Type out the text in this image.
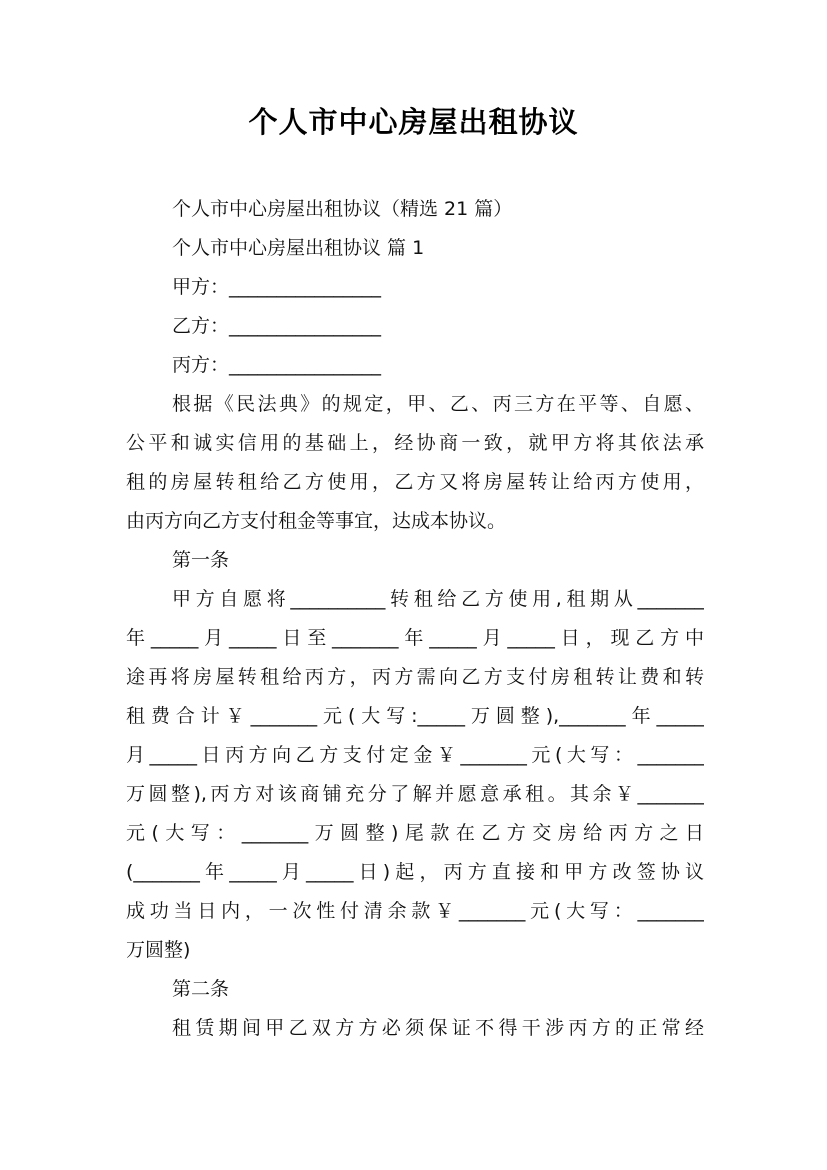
个人市中心房屋出租协议
个人市中心房屋出租协议（精选 21 篇）
个人市中心房屋出租协议 篇 1
甲方：________________
乙方：________________
丙方：________________
根据《民法典》的规定，甲、乙、丙三方在平等、自愿、
公平和诚实信用的基础上，经协商一致，就甲方将其依法承
租的房屋转租给乙方使用，乙方又将房屋转让给丙方使用，
由丙方向乙方支付租金等事宜，达成本协议。
第一条
甲方自愿将__________转租给乙方使用,租期从_______
年_____月_____日至_______年_____月_____日，现乙方中
途再将房屋转租给丙方，丙方需向乙方支付房租转让费和转
租费合计￥_______元(大写:_____万圆整),_______年_____
月_____日丙方向乙方支付定金￥_______元(大写：_______
万圆整),丙方对该商铺充分了解并愿意承租。其余￥_______
元(大写：_______万圆整)尾款在乙方交房给丙方之日
(_______年_____月_____日)起，丙方直接和甲方改签协议
成功当日内，一次性付清余款￥_______元(大写：_______
万圆整)
第二条
租赁期间甲乙双方方必须保证不得干涉丙方的正常经
